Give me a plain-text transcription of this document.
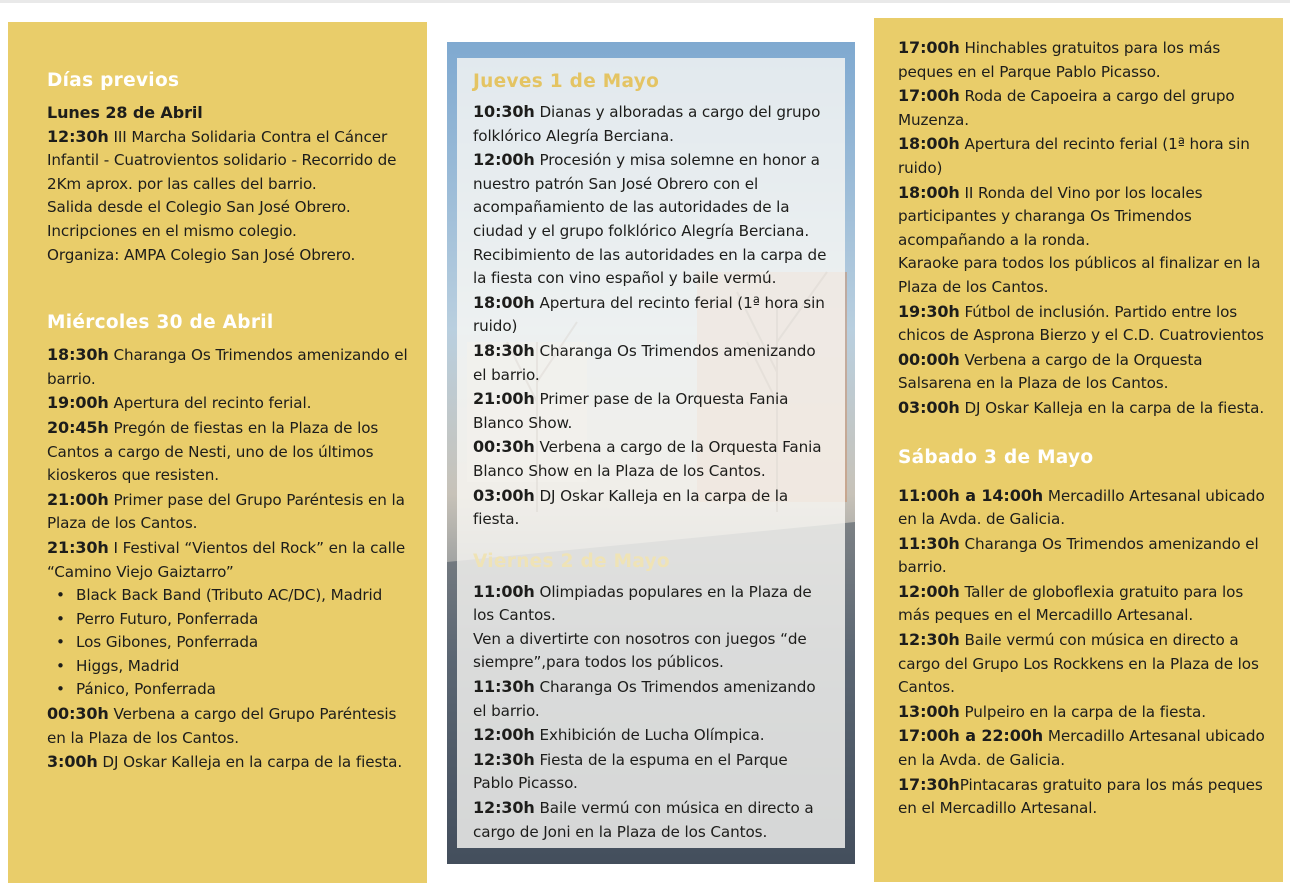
Días previos

Lunes 28 de Abril

12:30h III Marcha Solidaria Contra el Cáncer Infantil - Cuatrovientos solidario - Recorrido de 2Km aprox. por las calles del barrio.

Salida desde el Colegio San José Obrero.

Incripciones en el mismo colegio.

Organiza: AMPA Colegio San José Obrero.

Miércoles 30 de Abril

18:30h Charanga Os Trimendos amenizando el barrio.

19:00h Apertura del recinto ferial.

20:45h Pregón de fiestas en la Plaza de los Cantos a cargo de Nesti, uno de los últimos kioskeros que resisten.

21:00h Primer pase del Grupo Paréntesis en la Plaza de los Cantos.

21:30h I Festival “Vientos del Rock” en la calle “Camino Viejo Gaiztarro”

• Black Back Band (Tributo AC/DC), Madrid
• Perro Futuro, Ponferrada
• Los Gibones, Ponferrada
• Higgs, Madrid
• Pánico, Ponferrada

00:30h Verbena a cargo del Grupo Paréntesis en la Plaza de los Cantos.

3:00h DJ Oskar Kalleja en la carpa de la fiesta.

Jueves 1 de Mayo

10:30h Dianas y alboradas a cargo del grupo folklórico Alegría Berciana.

12:00h Procesión y misa solemne en honor a nuestro patrón San José Obrero con el acompañamiento de las autoridades de la ciudad y el grupo folklórico Alegría Berciana. Recibimiento de las autoridades en la carpa de la fiesta con vino español y baile vermú.

18:00h Apertura del recinto ferial (1ª hora sin ruido)

18:30h Charanga Os Trimendos amenizando el barrio.

21:00h Primer pase de la Orquesta Fania Blanco Show.

00:30h Verbena a cargo de la Orquesta Fania Blanco Show en la Plaza de los Cantos.

03:00h DJ Oskar Kalleja en la carpa de la fiesta.

Viernes 2 de Mayo

11:00h Olimpiadas populares en la Plaza de los Cantos.

Ven a divertirte con nosotros con juegos “de siempre”,para todos los públicos.

11:30h Charanga Os Trimendos amenizando el barrio.

12:00h Exhibición de Lucha Olímpica.

12:30h Fiesta de la espuma en el Parque Pablo Picasso.

12:30h Baile vermú con música en directo a cargo de Joni en la Plaza de los Cantos.

17:00h Hinchables gratuitos para los más peques en el Parque Pablo Picasso.

17:00h Roda de Capoeira a cargo del grupo Muzenza.

18:00h Apertura del recinto ferial (1ª hora sin ruido)

18:00h II Ronda del Vino por los locales participantes y charanga Os Trimendos acompañando a la ronda.

Karaoke para todos los públicos al finalizar en la Plaza de los Cantos.

19:30h Fútbol de inclusión. Partido entre los chicos de Asprona Bierzo y el C.D. Cuatrovientos

00:00h Verbena a cargo de la Orquesta Salsarena en la Plaza de los Cantos.

03:00h DJ Oskar Kalleja en la carpa de la fiesta.

Sábado 3 de Mayo

11:00h a 14:00h Mercadillo Artesanal ubicado en la Avda. de Galicia.

11:30h Charanga Os Trimendos amenizando el barrio.

12:00h Taller de globoflexia gratuito para los más peques en el Mercadillo Artesanal.

12:30h Baile vermú con música en directo a cargo del Grupo Los Rockkens en la Plaza de los Cantos.

13:00h Pulpeiro en la carpa de la fiesta.

17:00h a 22:00h Mercadillo Artesanal ubicado en la Avda. de Galicia.

17:30hPintacaras gratuito para los más peques en el Mercadillo Artesanal.
